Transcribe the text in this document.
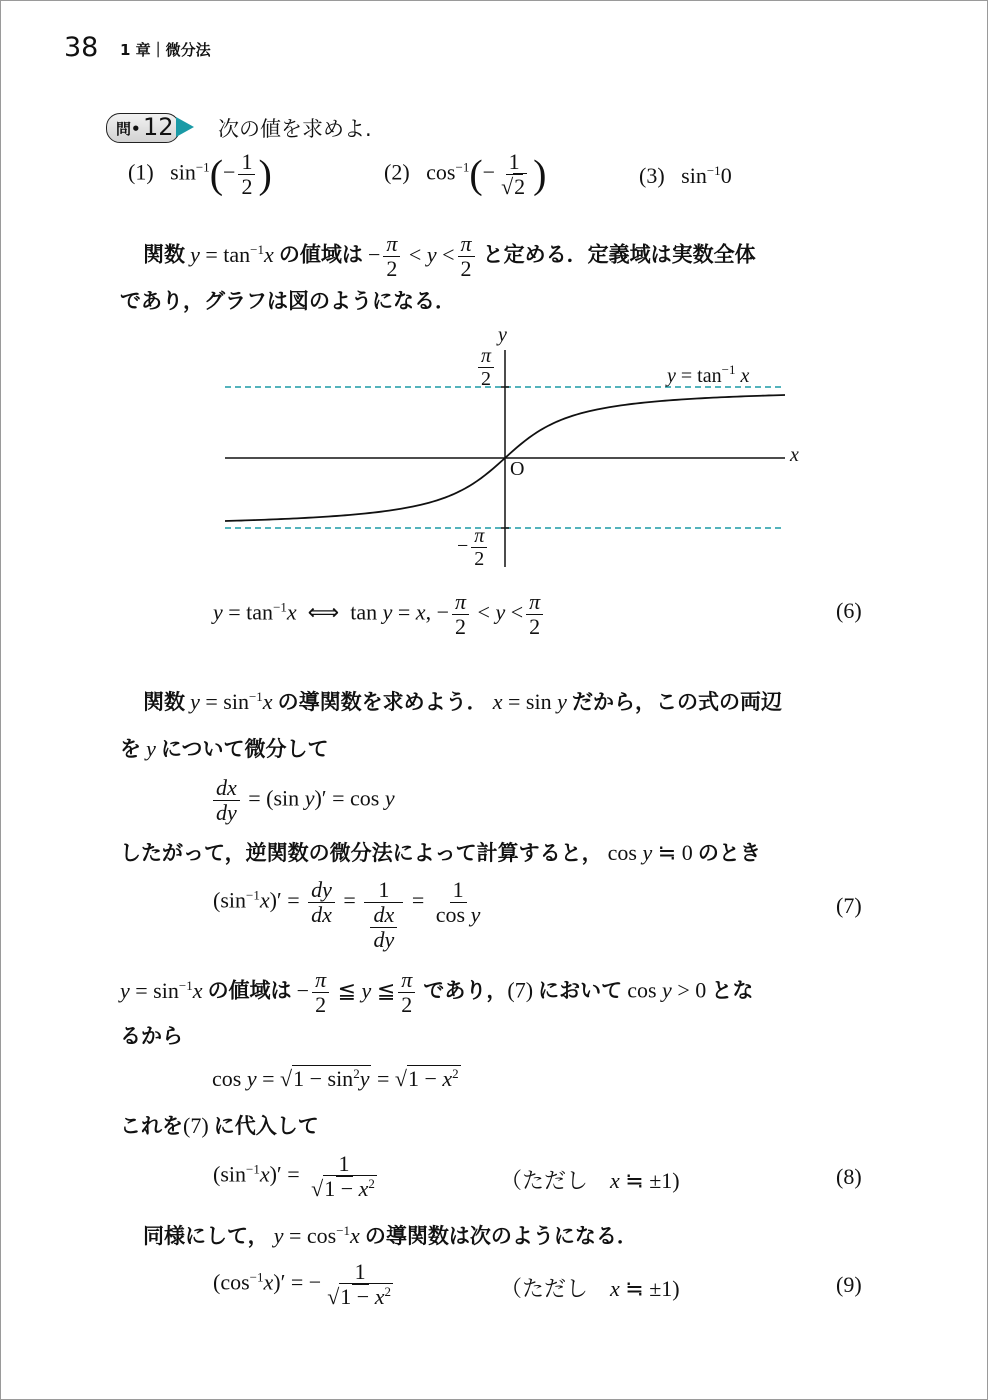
38 1 章｜微分法
問• 12 次の値を求めよ.
(1) $\sin^{-1}(- \frac{1}{2}$ )	(2) $\cos^{-1}(- \frac{1}{√2}$ )	(3) $\sin^{-1}0$
関数 $y = \tan^{-1}x$ の値域は − $\frac{\pi}{2} < y < \frac{\pi}{2}$ と定める．定義域は実数全体
であり，グラフは図のようになる．
y
x
O
$\frac{\pi}{2}$
− $\frac{\pi}{2}$
$y = \tan^{-1} x$
$y = \tan^{-1}x$ ⟺ tan y = x, − $\frac{\pi}{2} < y < \frac{\pi}{2}$	(6)
関数 $y = \sin^{-1}x$ の導関数を求めよう． x = sin y だから，この式の両辺
を y について微分して
$\frac{dx}{dy} = (\sin$ y)′ = cos y
したがって，逆関数の微分法によって計算すると， cos y ≒ 0 のとき
$(\sin^{-1}x)' = \frac{dy}{dx} = \frac{1}{\frac{dx}{dy}} = \frac{1}{\text{cos y}}$	(7)
$y = \sin^{-1}x$ の値域は − $\frac{\pi}{2}$ ≦ y ≦ $\frac{\pi}{2}$ であり，(7) において cos y > 0 とな
るから
$\cos y = √1 - \sin^2y = √1 - x^2$
これを(7) に代入して
$(\sin^{-1}x)' = \frac{1}{√1 - x^2}$	（ただし x ≒ ±1)	(8)
同様にして， $y = \cos^{-1}x$ の導関数は次のようになる．
$(\cos^{-1}x)'$ = − $\frac{1}{√1 - x^2}$	（ただし x ≒ ±1)	(9)
